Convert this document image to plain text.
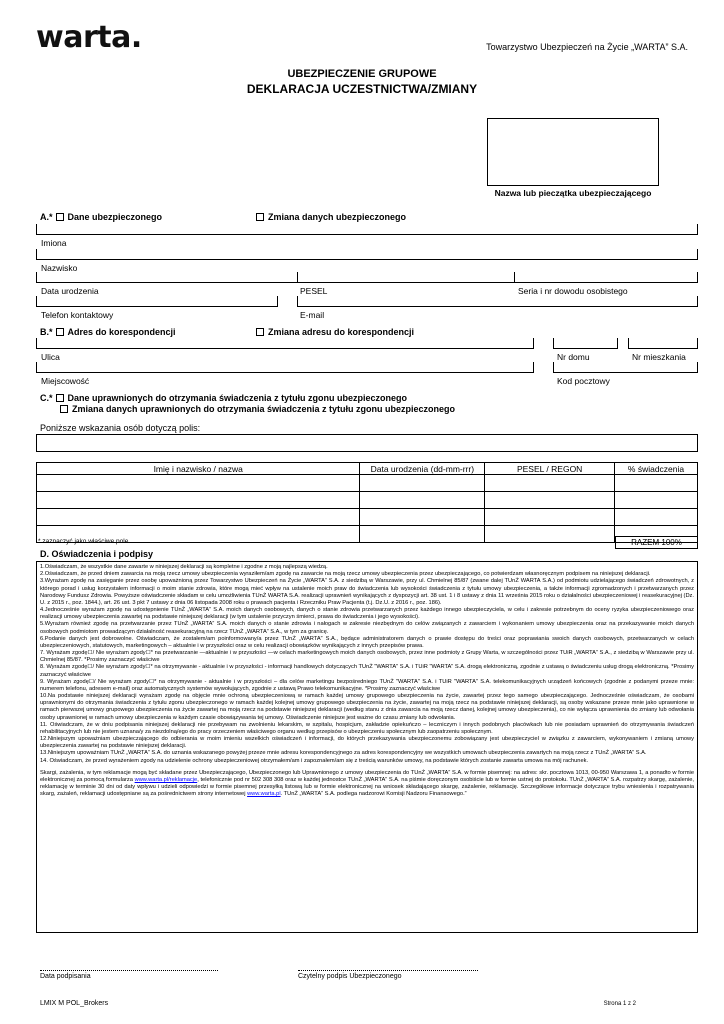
warta.	Towarzystwo Ubezpieczeń na Życie „WARTA” S.A.
UBEZPIECZENIE GRUPOWE
DEKLARACJA UCZESTNICTWA/ZMIANY
Nazwa lub pieczątka ubezpieczającego
A.* Dane ubezpieczonego	Zmiana danych ubezpieczonego
Imiona
Nazwisko
Data urodzenia	PESEL	Seria i nr dowodu osobistego
Telefon kontaktowy	E-mail
B.* Adres do korespondencji	Zmiana adresu do korespondencji
Ulica	Nr domu	Nr mieszkania
Miejscowość	Kod pocztowy
C.* Dane uprawnionych do otrzymania świadczenia z tytułu zgonu ubezpieczonego
Zmiana danych uprawnionych do otrzymania świadczenia z tytułu zgonu ubezpieczonego
Poniższe wskazania osób dotyczą polis:
Imię i nazwisko / nazwa	Data urodzenia (dd-mm-rrr)	PESEL / REGON	% świadczenia

* zaznaczyć jako właściwe pole	RAZEM 100%
D. Oświadczenia i podpisy

1.Oświadczam, że wszystkie dane zawarte w niniejszej deklaracji są kompletne i zgodne z moją najlepszą wiedzą.

2.Oświadczam, że przed dniem zawarcia na moją rzecz umowy ubezpieczenia wyraziłem/am zgodę na zawarcie na moją rzecz umowy ubezpieczenia przez ubezpieczającego, co potwierdzam własnoręcznym podpisem na niniejszej deklaracji.

3.Wyrażam zgodę na zasięganie przez osobę upoważnioną przez Towarzystwo Ubezpieczeń na Życie „WARTA” S.A. z siedzibą w Warszawie, przy ul. Chmielnej 85/87 (zwane dalej TUnŻ WARTA S.A.) od podmiotu udzielającego świadczeń zdrowotnych, z którego porad i usług korzystałem informacji o moim stanie zdrowia, które mogą mieć wpływ na ustalenie moich praw do świadczenia lub wysokości świadczenia z tytułu umowy ubezpieczenia, a także informacji zgromadzonych i przetwarzanych przez Narodowy Fundusz Zdrowia. Powyższe oświadczenie składam w celu umożliwienia TUnŻ WARTA S.A. realizacji uprawnień wynikających z dyspozycji art. 38 ust. 1 i 8 ustawy z dnia 11 września 2015 roku o działalności ubezpieczeniowej i reasekuracyjnej (Dz. U. z 2015 r., poz. 1844.), art. 26 ust. 3 pkt 7 ustawy z dnia 06 listopada 2008 roku o prawach pacjenta i Rzeczniku Praw Pacjenta (t.j. Dz.U. z 2016 r., poz. 186).

4.Jednocześnie wyrażam zgodę na udostępnienie TUnŻ „WARTA” S.A. moich danych osobowych, danych o stanie zdrowia przetwarzanych przez każdego innego ubezpieczyciela, w celu i zakresie potrzebnym do oceny ryzyka ubezpieczeniowego oraz realizacji umowy ubezpieczenia zawartej na podstawie niniejszej deklaracji (w tym ustalenie przyczyn śmierci, prawa do świadczenia i jego wysokości).

5.Wyrażam również zgodę na przetwarzanie przez TUnŻ „WARTA” S.A. moich danych o stanie zdrowia i nałogach w zakresie niezbędnym do celów związanych z zawarciem i wykonaniem umowy ubezpieczenia oraz na przekazywanie moich danych osobowych podmiotom prowadzącym działalność reasekuracyjną na rzecz TUnŻ „WARTA” S.A., w tym za granicę.

6.Podanie danych jest dobrowolne. Oświadczam, że zostałem/am poinformowany/a przez TUnŻ „WARTA” S.A., będące administratorem danych o prawie dostępu do treści oraz poprawiania swoich danych osobowych, przetwarzanych w celach ubezpieczeniowych, statutowych, marketingowych – aktualnie i w przyszłości oraz w celu realizacji obowiązków wynikających z innych przepisów prawa.

7. Wyrażam zgodę☐/ Nie wyrażam zgody☐* na przetwarzanie —aktualnie i w przyszłości —w celach marketingowych moich danych osobowych, przez inne podmioty z Grupy Warta, w szczególności przez TUiR „WARTA” S.A., z siedzibą w Warszawie przy ul. Chmielnej 85/87. *Prosimy zaznaczyć właściwe

8. Wyrażam zgodę☐/ Nie wyrażam zgody☐* na otrzymywanie - aktualnie i w przyszłości - informacji handlowych dotyczących TUnŻ "WARTA" S.A. i TUiR "WARTA" S.A. drogą elektroniczną, zgodnie z ustawą o świadczeniu usług drogą elektroniczną. *Prosimy zaznaczyć właściwe

9. Wyrażam zgodę☐/ Nie wyrażam zgody☐* na otrzymywanie - aktualnie i w przyszłości – dla celów marketingu bezpośredniego TUnŻ "WARTA" S.A. i TUiR "WARTA" S.A. telekomunikacyjnych urządzeń końcowych (zgodnie z podanymi przeze mnie: numerem telefonu, adresem e-mail) oraz automatycznych systemów wywołujących, zgodnie z ustawą Prawo telekomunikacyjne. *Prosimy zaznaczyć właściwe

10.Na podstawie niniejszej deklaracji wyrażam zgodę na objęcie mnie ochroną ubezpieczeniową w ramach każdej umowy grupowego ubezpieczenia na życie, zawartej przez tego samego ubezpieczającego. Jednocześnie oświadczam, że osobami uprawnionymi do otrzymania świadczenia z tytułu zgonu ubezpieczonego w ramach każdej kolejnej umowy grupowego ubezpieczenia na życie, zawartej na moją rzecz na podstawie niniejszej deklaracji, są osoby wskazane przeze mnie jako uprawnione w ramach pierwszej umowy grupowego ubezpieczenia na życie zawartej na moją rzecz na podstawie niniejszej deklaracji (według stanu z dnia zawarcia na moją rzecz danej, kolejnej umowy ubezpieczenia), co nie wyłącza uprawnienia do zmiany lub odwołania osoby uprawnionej w ramach umowy ubezpieczenia w każdym czasie obowiązywania tej umowy. Oświadczenie niniejsze jest ważne do czasu zmiany lub odwołania.

11. Oświadczam, że w dniu podpisania niniejszej deklaracji nie przebywam na zwolnieniu lekarskim, w szpitalu, hospicjum, zakładzie opiekuńczo – leczniczym i innych podobnych placówkach lub nie posiadam uprawnień do otrzymywania świadczeń rehabilitacyjnych lub nie jestem uznana/y za niezdolną/ego do pracy orzeczeniem właściwego organu według przepisów o ubezpieczeniu społecznym lub zaopatrzeniu społecznym.

12.Niniejszym upoważniam ubezpieczającego do odbierania w moim imieniu wszelkich oświadczeń i informacji, do których przekazywania ubezpieczonemu zobowiązany jest ubezpieczyciel w związku z zawarciem, wykonywaniem i zmianą umowy ubezpieczenia zawartej na podstawie niniejszej deklaracji.

13.Niniejszym upoważniam TUnŻ „WARTA” S.A. do uznania wskazanego powyżej przeze mnie adresu korespondencyjnego za adres korespondencyjny we wszystkich umowach ubezpieczenia zawartych na moją rzecz z TUnŻ „WARTA” S.A.

14. Oświadczam, że przed wyrażeniem zgody na udzielenie ochrony ubezpieczeniowej otrzymałem/am i zapoznałem/am się z treścią warunków umowy, na podstawie których zostanie zawarta umowa na mój rachunek.

Skargi, zażalenia, w tym reklamacje mogą być składane przez Ubezpieczającego, Ubezpieczonego lub Uprawnionego z umowy ubezpieczenia do TUnŻ „WARTA” S.A. w formie pisemnej: na adres: skr. pocztowa 1013, 00-950 Warszawa 1, a ponadto w formie elektronicznej za pomocą formularza www.warta.pl/reklamacje, telefonicznie pod nr 502 308 308 oraz w każdej jednostce TUnŻ „WARTA” S.A. na piśmie doręczonym osobiście lub w formie ustnej do protokołu. TUnŻ „WARTA” S.A. rozpatrzy skargę, zażalenie, reklamację w terminie 30 dni od daty wpływu i udzieli odpowiedzi w formie pisemnej przesyłką listową lub w formie elektronicznej na wniosek składającego skargę, zażalenie, reklamację. Szczegółowe informacje dotyczące trybu wniesienia i rozpatrywania skarg, zażaleń, reklamacji udostępniane są za pośrednictwem strony internetowej www.warta.pl. TUnŻ „WARTA” S.A. podlega nadzorowi Komisji Nadzoru Finansowego.”

Data podpisania	Czytelny podpis Ubezpieczonego
LMIX M POL_Brokers	Strona 1 z 2
